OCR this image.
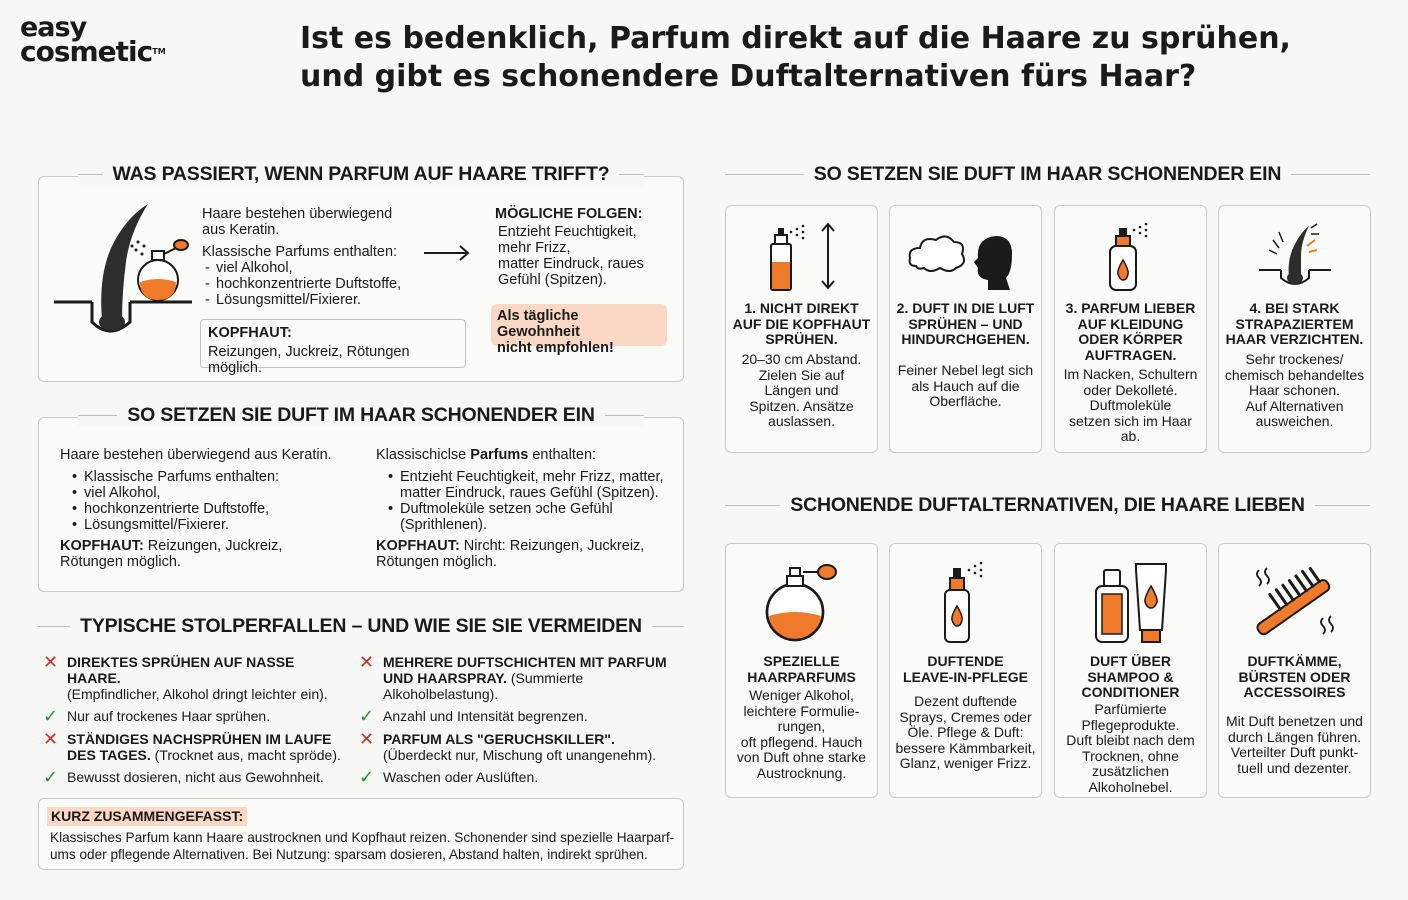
easy
cosmetic™	Ist es bedenklich, Parfum direkt auf die Haare zu sprühen,
und gibt es schonendere Duftalternativen fürs Haar?
WAS PASSIERT, WENN PARFUM AUF HAARE TRIFFT?
Haare bestehen überwiegend
aus Keratin.
Klassische Parfums enthalten:
- viel Alkohol,
- hochkonzentrierte Duftstoffe,
- Lösungsmittel/Fixierer.
MÖGLICHE FOLGEN:
Entzieht Feuchtigkeit,
mehr Frizz,
matter Eindruck, raues
Gefühl (Spitzen).
KOPFHAUT:
Reizungen, Juckreiz, Rötungen möglich.
Als tägliche Gewohnheit
nicht empfohlen!
SO SETZEN SIE DUFT IM HAAR SCHONENDER EIN
Haare bestehen überwiegend aus Keratin.
• Klassische Parfums enthalten:
• viel Alkohol,
• hochkonzentrierte Duftstoffe,
• Lösungsmittel/Fixierer.
KOPFHAUT: Reizungen, Juckreiz,
Rötungen möglich.
Klassischiclse Parfums enthalten:
• Entzieht Feuchtigkeit, mehr Frizz, matter,
matter Eindruck, raues Gefühl (Spitzen).
• Duftmoleküle setzen ɔche Gefühl
(Sprithlenen).
KOPFHAUT: Nircht: Reizungen, Juckreiz,
Rötungen möglich.
TYPISCHE STOLPERFALLEN – UND WIE SIE SIE VERMEIDEN
✕ DIREKTES SPRÜHEN AUF NASSE HAARE.
(Empfindlicher, Alkohol dringt leichter ein).
✓ Nur auf trockenes Haar sprühen.
✕ MEHRERE DUFTSCHICHTEN MIT PARFUM UND HAARSPRAY. (Summierte Alkoholbelastung).
✓ Anzahl und Intensität begrenzen.
✕ STÄNDIGES NACHSPRÜHEN IM LAUFE DES TAGES. (Trocknet aus, macht spröde).
✓ Bewusst dosieren, nicht aus Gewohnheit.
✕ PARFUM ALS "GERUCHSKILLER". (Überdeckt nur, Mischung oft unangenehm).
✓ Waschen oder Auslüften.
KURZ ZUSAMMENGEFASST:
Klassisches Parfum kann Haare austrocknen und Kopfhaut reizen. Schonender sind spezielle Haarparf-
ums oder pflegende Alternativen. Bei Nutzung: sparsam dosieren, Abstand halten, indirekt sprühen.
SO SETZEN SIE DUFT IM HAAR SCHONENDER EIN
1. NICHT DIREKT
AUF DIE KOPFHAUT
SPRÜHEN.
20–30 cm Abstand.
Zielen Sie auf
Längen und
Spitzen. Ansätze
auslassen.
2. DUFT IN DIE LUFT
SPRÜHEN – UND
HINDURCHGEHEN.
Feiner Nebel legt sich
als Hauch auf die
Oberfläche.
3. PARFUM LIEBER
AUF KLEIDUNG
ODER KÖRPER
AUFTRAGEN.
Im Nacken, Schultern
oder Dekolleté.
Duftmoleküle
setzen sich im Haar
ab.
4. BEI STARK
STRAPAZIERTEM
HAAR VERZICHTEN.
Sehr trockenes/
chemisch behandeltes
Haar schonen.
Auf Alternativen
ausweichen.
SCHONENDE DUFTALTERNATIVEN, DIE HAARE LIEBEN
SPEZIELLE
HAARPARFUMS
Weniger Alkohol,
leichtere Formulie-
rungen,
oft pflegend. Hauch
von Duft ohne starke
Austrocknung.
DUFTENDE
LEAVE-IN-PFLEGE
Dezent duftende
Sprays, Cremes oder
Öle. Pflege & Duft:
bessere Kämmbarkeit,
Glanz, weniger Frizz.
DUFT ÜBER
SHAMPOO &
CONDITIONER
Parfümierte
Pflegeprodukte.
Duft bleibt nach dem
Trocknen, ohne
zusätzlichen
Alkoholnebel.
DUFTKÄMME,
BÜRSTEN ODER
ACCESSOIRES
Mit Duft benetzen und
durch Längen führen.
Verteilter Duft punkt-
tuell und dezenter.
